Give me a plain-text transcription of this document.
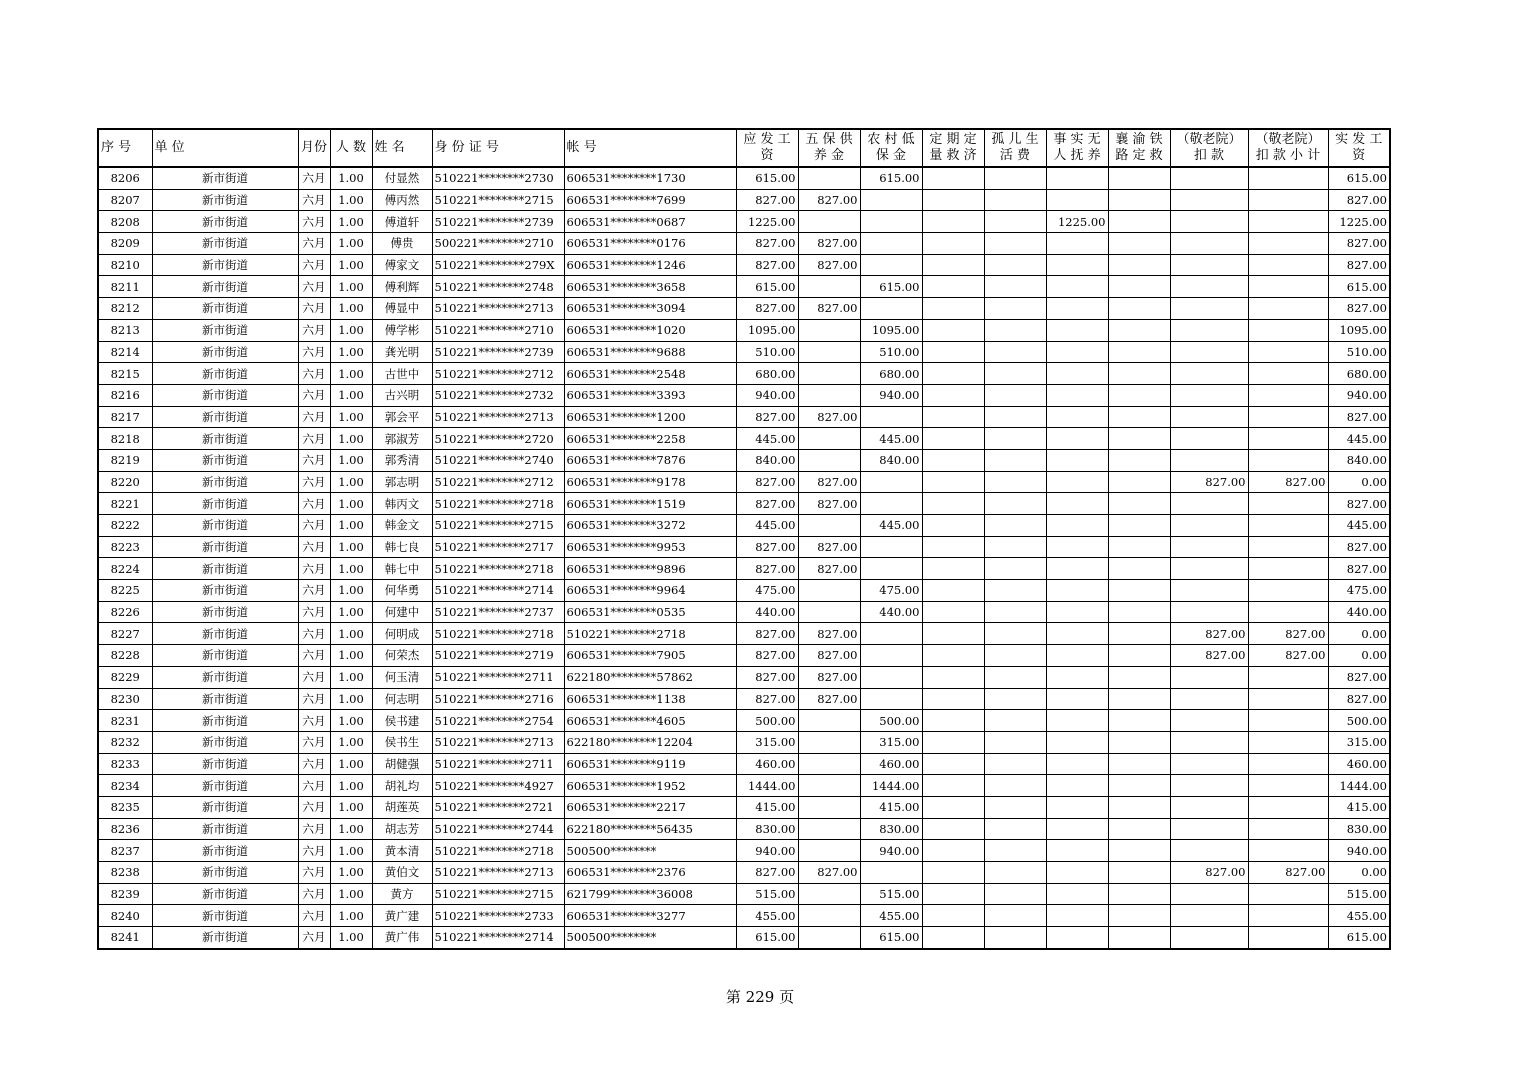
序 号	单 位	月份	人 数	姓 名	身 份 证 号	帐 号	应 发 工 资	五 保 供 养 金	农 村 低 保 金	定 期 定 量 救 济	孤 儿 生 活 费	事 实 无 人 抚 养	襄 渝 铁 路 定 救	（敬老院） 扣 款	（敬老院） 扣 款 小 计	实 发 工 资
8206	新市街道	六月	1.00	付显然	510221********2730	606531********1730	615.00		615.00							615.00
8207	新市街道	六月	1.00	傅丙然	510221********2715	606531********7699	827.00	827.00								827.00
8208	新市街道	六月	1.00	傅道轩	510221********2739	606531********0687	1225.00					1225.00				1225.00
8209	新市街道	六月	1.00	傅贵	500221********2710	606531********0176	827.00	827.00								827.00
8210	新市街道	六月	1.00	傅家文	510221********279X	606531********1246	827.00	827.00								827.00
8211	新市街道	六月	1.00	傅利辉	510221********2748	606531********3658	615.00		615.00							615.00
8212	新市街道	六月	1.00	傅显中	510221********2713	606531********3094	827.00	827.00								827.00
8213	新市街道	六月	1.00	傅学彬	510221********2710	606531********1020	1095.00		1095.00							1095.00
8214	新市街道	六月	1.00	龚光明	510221********2739	606531********9688	510.00		510.00							510.00
8215	新市街道	六月	1.00	古世中	510221********2712	606531********2548	680.00		680.00							680.00
8216	新市街道	六月	1.00	古兴明	510221********2732	606531********3393	940.00		940.00							940.00
8217	新市街道	六月	1.00	郭会平	510221********2713	606531********1200	827.00	827.00								827.00
8218	新市街道	六月	1.00	郭淑芳	510221********2720	606531********2258	445.00		445.00							445.00
8219	新市街道	六月	1.00	郭秀清	510221********2740	606531********7876	840.00		840.00							840.00
8220	新市街道	六月	1.00	郭志明	510221********2712	606531********9178	827.00	827.00						827.00	827.00	0.00
8221	新市街道	六月	1.00	韩丙文	510221********2718	606531********1519	827.00	827.00								827.00
8222	新市街道	六月	1.00	韩金文	510221********2715	606531********3272	445.00		445.00							445.00
8223	新市街道	六月	1.00	韩七良	510221********2717	606531********9953	827.00	827.00								827.00
8224	新市街道	六月	1.00	韩七中	510221********2718	606531********9896	827.00	827.00								827.00
8225	新市街道	六月	1.00	何华勇	510221********2714	606531********9964	475.00		475.00							475.00
8226	新市街道	六月	1.00	何建中	510221********2737	606531********0535	440.00		440.00							440.00
8227	新市街道	六月	1.00	何明成	510221********2718	510221********2718	827.00	827.00						827.00	827.00	0.00
8228	新市街道	六月	1.00	何荣杰	510221********2719	606531********7905	827.00	827.00						827.00	827.00	0.00
8229	新市街道	六月	1.00	何玉清	510221********2711	622180********57862	827.00	827.00								827.00
8230	新市街道	六月	1.00	何志明	510221********2716	606531********1138	827.00	827.00								827.00
8231	新市街道	六月	1.00	侯书建	510221********2754	606531********4605	500.00		500.00							500.00
8232	新市街道	六月	1.00	侯书生	510221********2713	622180********12204	315.00		315.00							315.00
8233	新市街道	六月	1.00	胡健强	510221********2711	606531********9119	460.00		460.00							460.00
8234	新市街道	六月	1.00	胡礼均	510221********4927	606531********1952	1444.00		1444.00							1444.00
8235	新市街道	六月	1.00	胡莲英	510221********2721	606531********2217	415.00		415.00							415.00
8236	新市街道	六月	1.00	胡志芳	510221********2744	622180********56435	830.00		830.00							830.00
8237	新市街道	六月	1.00	黄本清	510221********2718	500500********	940.00		940.00							940.00
8238	新市街道	六月	1.00	黄伯文	510221********2713	606531********2376	827.00	827.00						827.00	827.00	0.00
8239	新市街道	六月	1.00	黄方	510221********2715	621799********36008	515.00		515.00							515.00
8240	新市街道	六月	1.00	黄广建	510221********2733	606531********3277	455.00		455.00							455.00
8241	新市街道	六月	1.00	黄广伟	510221********2714	500500********	615.00		615.00							615.00
第 229 页
